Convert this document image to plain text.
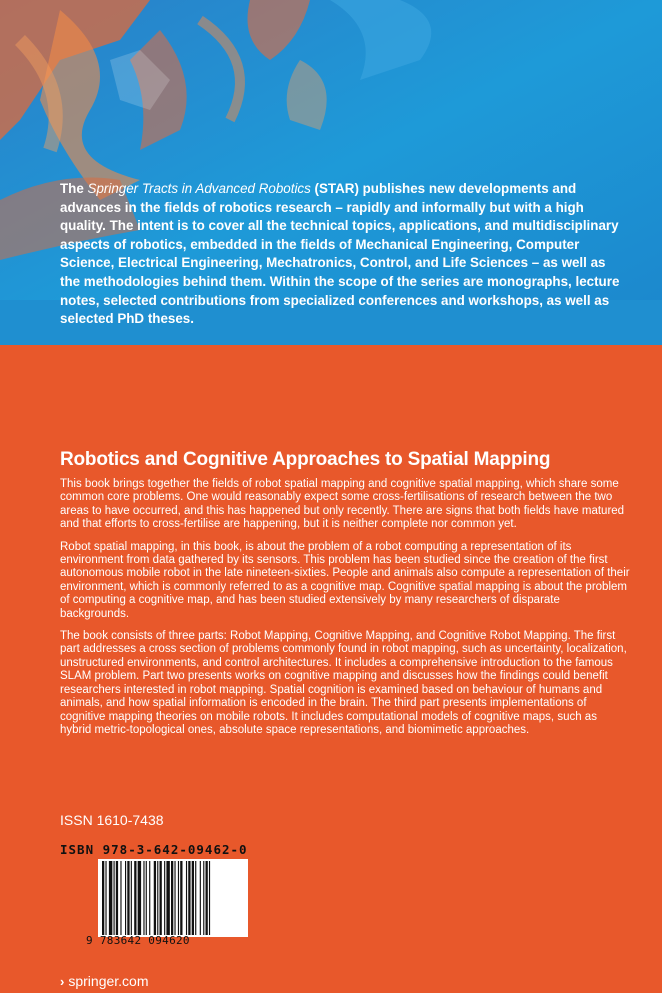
The Springer Tracts in Advanced Robotics (STAR) publishes new developments and advances in the fields of robotics research – rapidly and informally but with a high quality. The intent is to cover all the technical topics, applications, and multidisciplinary aspects of robotics, embedded in the fields of Mechanical Engineering, Computer Science, Electrical Engineering, Mechatronics, Control, and Life Sciences – as well as the methodologies behind them. Within the scope of the series are monographs, lecture notes, selected contributions from specialized conferences and workshops, as well as selected PhD theses.

Robotics and Cognitive Approaches to Spatial Mapping

This book brings together the fields of robot spatial mapping and cognitive spatial mapping, which share some common core problems. One would reasonably expect some cross-fertilisations of research between the two areas to have occurred, and this has happened but only recently. There are signs that both fields have matured and that efforts to cross-fertilise are happening, but it is neither complete nor common yet.

Robot spatial mapping, in this book, is about the problem of a robot computing a representation of its environment from data gathered by its sensors. This problem has been studied since the creation of the first autonomous mobile robot in the late nineteen-sixties. People and animals also compute a representation of their environment, which is commonly referred to as a cognitive map. Cognitive spatial mapping is about the problem of computing a cognitive map, and has been studied extensively by many researchers of disparate backgrounds.

The book consists of three parts: Robot Mapping, Cognitive Mapping, and Cognitive Robot Mapping. The first part addresses a cross section of problems commonly found in robot mapping, such as uncertainty, localization, unstructured environments, and control architectures. It includes a comprehensive introduction to the famous SLAM problem. Part two presents works on cognitive mapping and discusses how the findings could benefit researchers interested in robot mapping. Spatial cognition is examined based on behaviour of humans and animals, and how spatial information is encoded in the brain. The third part presents implementations of cognitive mapping theories on mobile robots. It includes computational models of cognitive maps, such as hybrid metric-topological ones, absolute space representations, and biomimetic approaches.

ISSN 1610-7438
ISBN 978-3-642-09462-0
9 783642 094620
› springer.com
